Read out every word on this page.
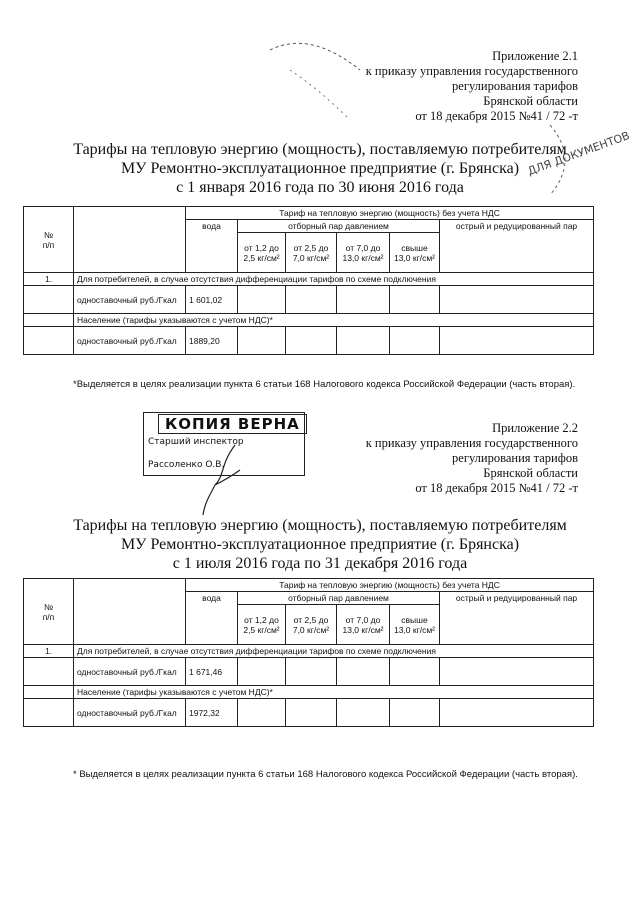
Приложение 2.1
к приказу управления государственного
регулирования тарифов
Брянской области
от 18 декабря 2015 №41 / 72 -т
ДЛЯ ДОКУМЕНТОВ
Тарифы на тепловую энергию (мощность), поставляемую потребителям
МУ Ремонтно-эксплуатационное предприятие (г. Брянска)
с 1 января 2016 года по 30 июня 2016 года
№
п/п		Тариф на тепловую энергию (мощность) без учета НДС					
		вода	отборный пар давлением				острый и редуцированный пар
			от 1,2 до 2,5 кг/см²	от 2,5 до 7,0 кг/см²	от 7,0 до 13,0 кг/см²	свыше 13,0 кг/см²	
1.	Для потребителей, в случае отсутствия дифференциации тарифов по схеме подключения						
	одноставочный руб./Гкал	1 601,02					
	Население (тарифы указываются с учетом НДС)*						
	одноставочный руб./Гкал	1889,20					
*Выделяется в целях реализации пункта 6 статьи 168 Налогового кодекса Российской Федерации (часть вторая).
КОПИЯ ВЕРНА
Старший инспектор
Рассоленко О.В.
Приложение 2.2
к приказу управления государственного
регулирования тарифов
Брянской области
от 18 декабря 2015 №41 / 72 -т
Тарифы на тепловую энергию (мощность), поставляемую потребителям
МУ Ремонтно-эксплуатационное предприятие (г. Брянска)
с 1 июля 2016 года по 31 декабря 2016 года
№
п/п		Тариф на тепловую энергию (мощность) без учета НДС					
		вода	отборный пар давлением				острый и редуцированный пар
			от 1,2 до 2,5 кг/см²	от 2,5 до 7,0 кг/см²	от 7,0 до 13,0 кг/см²	свыше 13,0 кг/см²	
1.	Для потребителей, в случае отсутствия дифференциации тарифов по схеме подключения						
	одноставочный руб./Гкал	1 671,46					
	Население (тарифы указываются с учетом НДС)*						
	одноставочный руб./Гкал	1972,32					
* Выделяется в целях реализации пункта 6 статьи 168 Налогового кодекса Российской Федерации (часть вторая).
